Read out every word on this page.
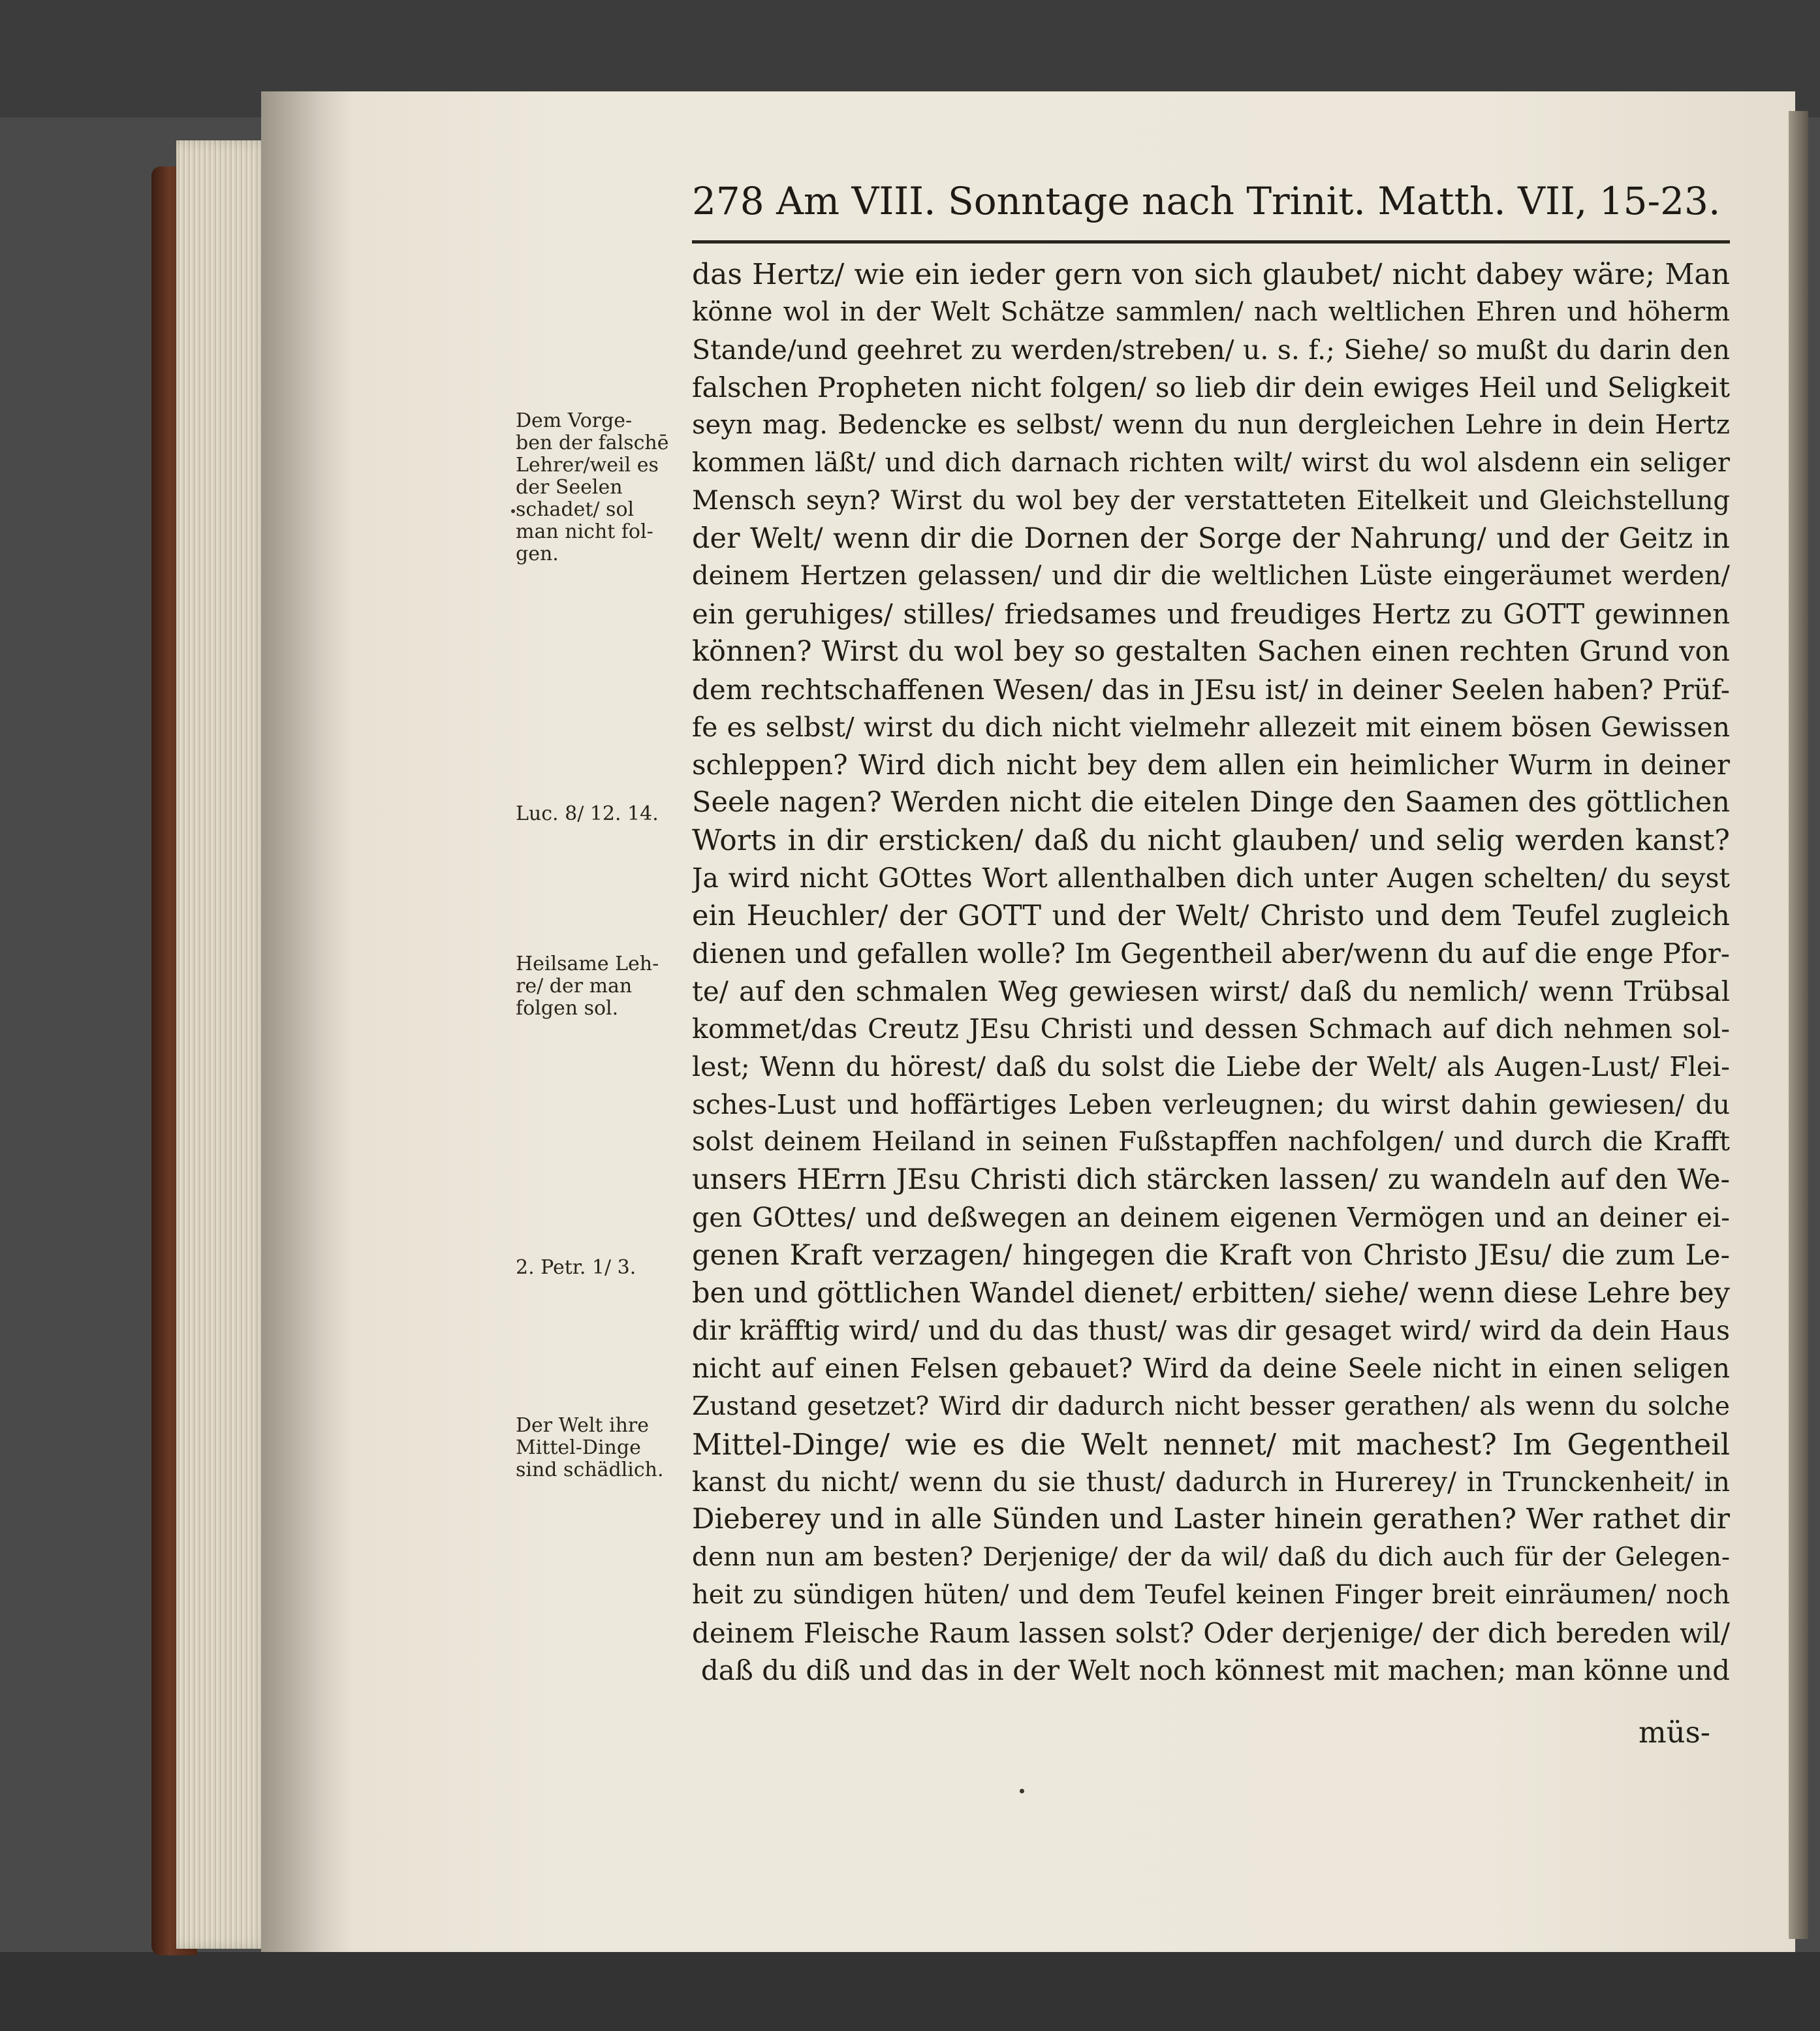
278 Am VIII. Sonntage nach Trinit. Matth. VII, 15-23.
das Hertz/ wie ein ieder gern von sich glaubet/ nicht dabey wäre; Man
könne wol in der Welt Schätze sammlen/ nach weltlichen Ehren und höherm
Stande/und geehret zu werden/streben/ u. s. f.; Siehe/ so mußt du darin den
falschen Propheten nicht folgen/ so lieb dir dein ewiges Heil und Seligkeit
seyn mag. Bedencke es selbst/ wenn du nun dergleichen Lehre in dein Hertz
kommen läßt/ und dich darnach richten wilt/ wirst du wol alsdenn ein seliger
Mensch seyn? Wirst du wol bey der verstatteten Eitelkeit und Gleichstellung
der Welt/ wenn dir die Dornen der Sorge der Nahrung/ und der Geitz in
deinem Hertzen gelassen/ und dir die weltlichen Lüste eingeräumet werden/
ein geruhiges/ stilles/ friedsames und freudiges Hertz zu GOTT gewinnen
können? Wirst du wol bey so gestalten Sachen einen rechten Grund von
dem rechtschaffenen Wesen/ das in JEsu ist/ in deiner Seelen haben? Prüf-
fe es selbst/ wirst du dich nicht vielmehr allezeit mit einem bösen Gewissen
schleppen? Wird dich nicht bey dem allen ein heimlicher Wurm in deiner
Seele nagen? Werden nicht die eitelen Dinge den Saamen des göttlichen
Worts in dir ersticken/ daß du nicht glauben/ und selig werden kanst?
Ja wird nicht GOttes Wort allenthalben dich unter Augen schelten/ du seyst
ein Heuchler/ der GOTT und der Welt/ Christo und dem Teufel zugleich
dienen und gefallen wolle? Im Gegentheil aber/wenn du auf die enge Pfor-
te/ auf den schmalen Weg gewiesen wirst/ daß du nemlich/ wenn Trübsal
kommet/das Creutz JEsu Christi und dessen Schmach auf dich nehmen sol-
lest; Wenn du hörest/ daß du solst die Liebe der Welt/ als Augen-Lust/ Flei-
sches-Lust und hoffärtiges Leben verleugnen; du wirst dahin gewiesen/ du
solst deinem Heiland in seinen Fußstapffen nachfolgen/ und durch die Krafft
unsers HErrn JEsu Christi dich stärcken lassen/ zu wandeln auf den We-
gen GOttes/ und deßwegen an deinem eigenen Vermögen und an deiner ei-
genen Kraft verzagen/ hingegen die Kraft von Christo JEsu/ die zum Le-
ben und göttlichen Wandel dienet/ erbitten/ siehe/ wenn diese Lehre bey
dir kräfftig wird/ und du das thust/ was dir gesaget wird/ wird da dein Haus
nicht auf einen Felsen gebauet? Wird da deine Seele nicht in einen seligen
Zustand gesetzet? Wird dir dadurch nicht besser gerathen/ als wenn du solche
Mittel-Dinge/ wie es die Welt nennet/ mit machest? Im Gegentheil
kanst du nicht/ wenn du sie thust/ dadurch in Hurerey/ in Trunckenheit/ in
Dieberey und in alle Sünden und Laster hinein gerathen? Wer rathet dir
denn nun am besten? Derjenige/ der da wil/ daß du dich auch für der Gelegen-
heit zu sündigen hüten/ und dem Teufel keinen Finger breit einräumen/ noch
deinem Fleische Raum lassen solst? Oder derjenige/ der dich bereden wil/
daß du diß und das in der Welt noch könnest mit machen; man könne und
Dem Vorge-
ben der falschē
Lehrer/weil es
der Seelen
schadet/ sol
man nicht fol-
gen.
Luc. 8/ 12. 14.
Heilsame Leh-
re/ der man
folgen sol.
2. Petr. 1/ 3.
Der Welt ihre
Mittel-Dinge
sind schädlich.
müs-
